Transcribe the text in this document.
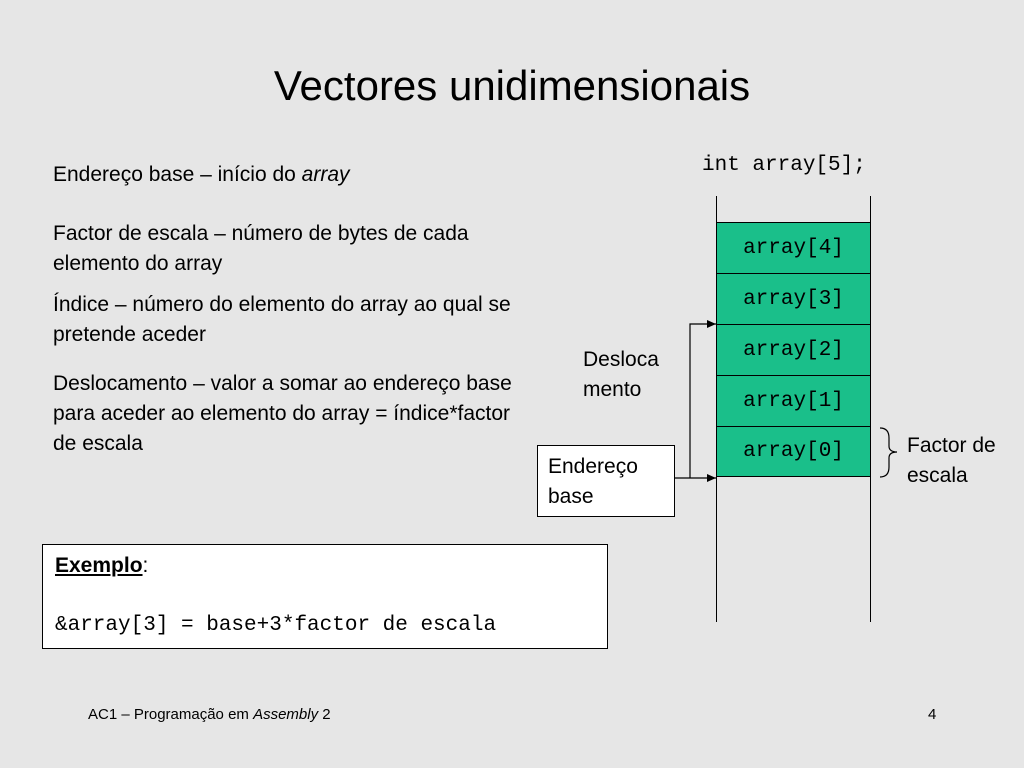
Vectores unidimensionais
Endereço base – início do array
Factor de escala – número de bytes de cada elemento do array
Índice – número do elemento do array ao qual se pretende aceder
Deslocamento – valor a somar ao endereço base para aceder ao elemento do array = índice*factor de escala
int array[5];
array[4]
array[3]
array[2]
array[1]
array[0]
Desloca
mento
Endereço
base
Factor de
escala
Exemplo:
&array[3] = base+3*factor de escala
AC1 – Programação em Assembly 2	4
